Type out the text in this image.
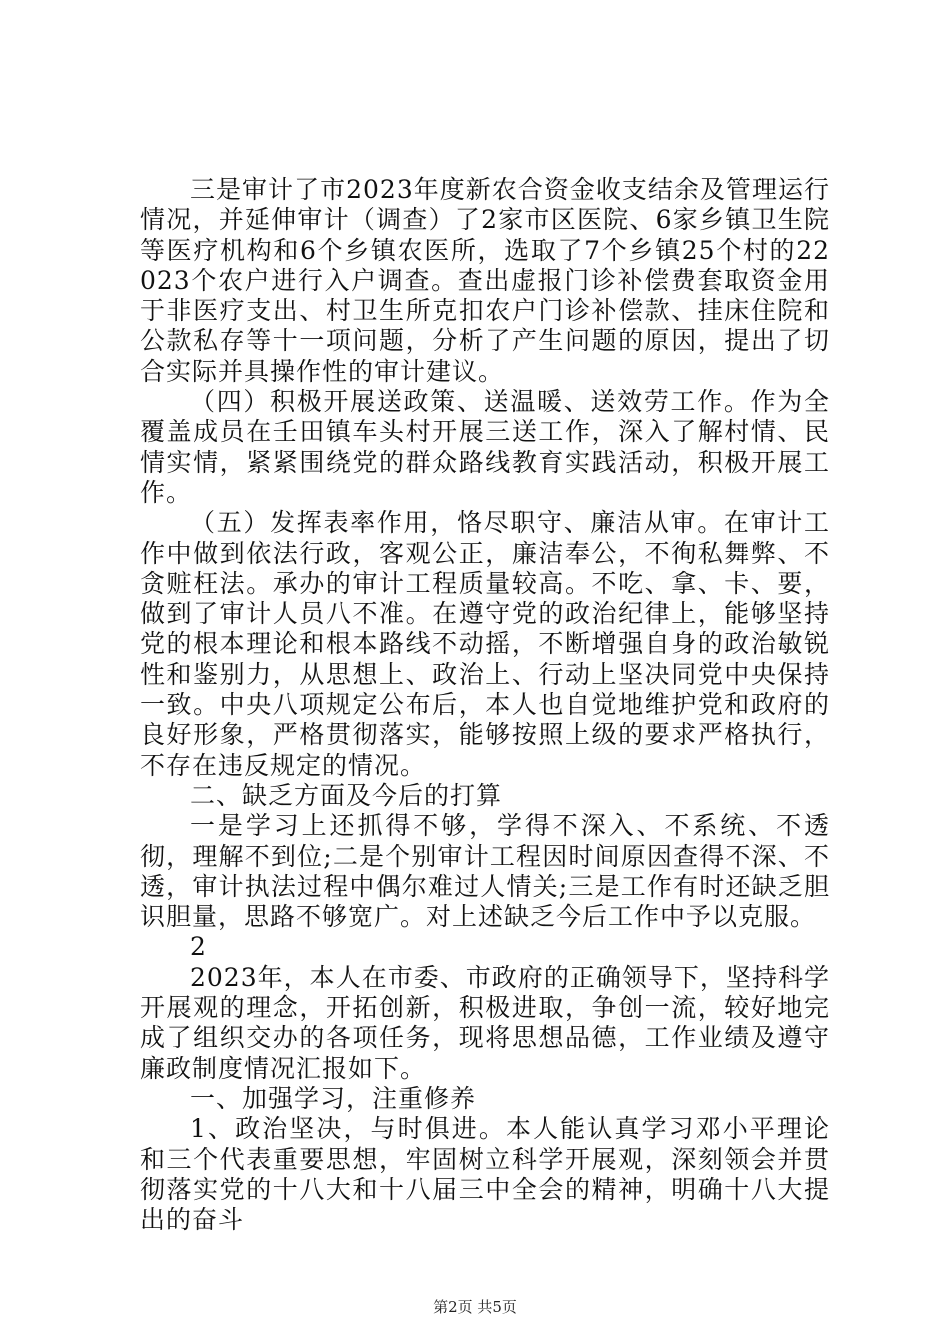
三是审计了市2023年度新农合资金收支结余及管理运行情况，并延伸审计（调查）了2家市区医院、6家乡镇卫生院等医疗机构和6个乡镇农医所，选取了7个乡镇25个村的22023个农户进行入户调查。查出虚报门诊补偿费套取资金用于非医疗支出、村卫生所克扣农户门诊补偿款、挂床住院和公款私存等十一项问题，分析了产生问题的原因，提出了切合实际并具操作性的审计建议。

（四）积极开展送政策、送温暖、送效劳工作。作为全覆盖成员在壬田镇车头村开展三送工作，深入了解村情、民情实情，紧紧围绕党的群众路线教育实践活动，积极开展工作。

（五）发挥表率作用，恪尽职守、廉洁从审。在审计工作中做到依法行政，客观公正，廉洁奉公，不徇私舞弊、不贪赃枉法。承办的审计工程质量较高。不吃、拿、卡、要，做到了审计人员八不准。在遵守党的政治纪律上，能够坚持党的根本理论和根本路线不动摇，不断增强自身的政治敏锐性和鉴别力，从思想上、政治上、行动上坚决同党中央保持一致。中央八项规定公布后，本人也自觉地维护党和政府的良好形象，严格贯彻落实，能够按照上级的要求严格执行，不存在违反规定的情况。

二、缺乏方面及今后的打算

一是学习上还抓得不够，学得不深入、不系统、不透彻，理解不到位;二是个别审计工程因时间原因查得不深、不透，审计执法过程中偶尔难过人情关;三是工作有时还缺乏胆识胆量，思路不够宽广。对上述缺乏今后工作中予以克服。

2

2023年，本人在市委、市政府的正确领导下，坚持科学开展观的理念，开拓创新，积极进取，争创一流，较好地完成了组织交办的各项任务，现将思想品德，工作业绩及遵守廉政制度情况汇报如下。

一、加强学习，注重修养

1、政治坚决，与时俱进。本人能认真学习邓小平理论和三个代表重要思想，牢固树立科学开展观，深刻领会并贯彻落实党的十八大和十八届三中全会的精神，明确十八大提出的奋斗

第2页 共5页
